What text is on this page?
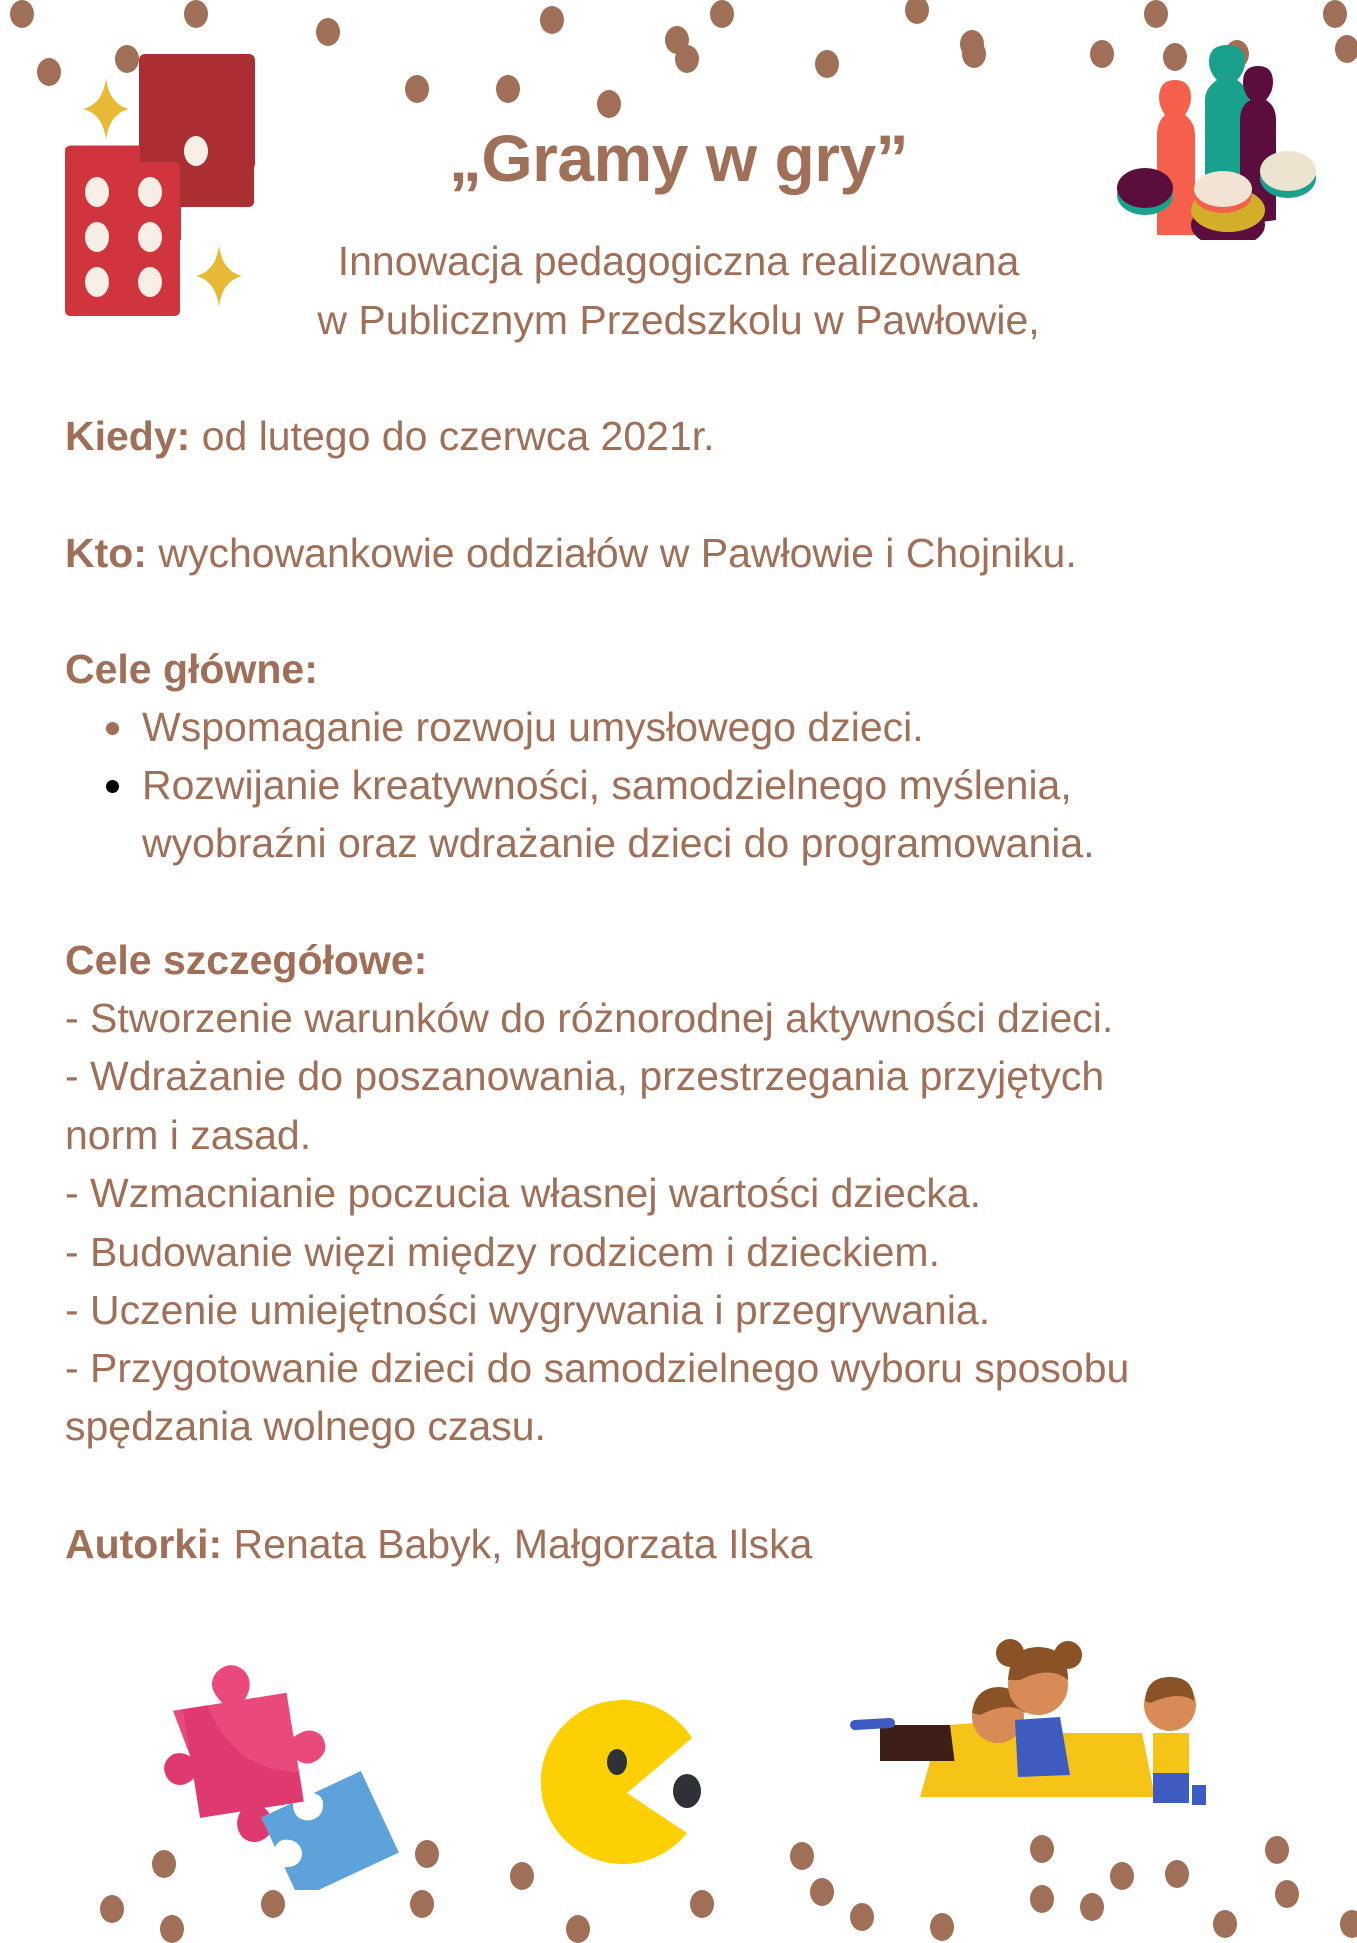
„Gramy w gry”
Innowacja pedagogiczna realizowana
w Publicznym Przedszkolu w Pawłowie,
Kiedy: od lutego do czerwca 2021r.
Kto: wychowankowie oddziałów w Pawłowie i Chojniku.
Cele główne:
Wspomaganie rozwoju umysłowego dzieci.
Rozwijanie kreatywności, samodzielnego myślenia,
wyobraźni oraz wdrażanie dzieci do programowania.
Cele szczegółowe:
- Stworzenie warunków do różnorodnej aktywności dzieci.
- Wdrażanie do poszanowania, przestrzegania przyjętych
norm i zasad.
- Wzmacnianie poczucia własnej wartości dziecka.
- Budowanie więzi między rodzicem i dzieckiem.
- Uczenie umiejętności wygrywania i przegrywania.
- Przygotowanie dzieci do samodzielnego wyboru sposobu
spędzania wolnego czasu.
Autorki: Renata Babyk, Małgorzata Ilska
